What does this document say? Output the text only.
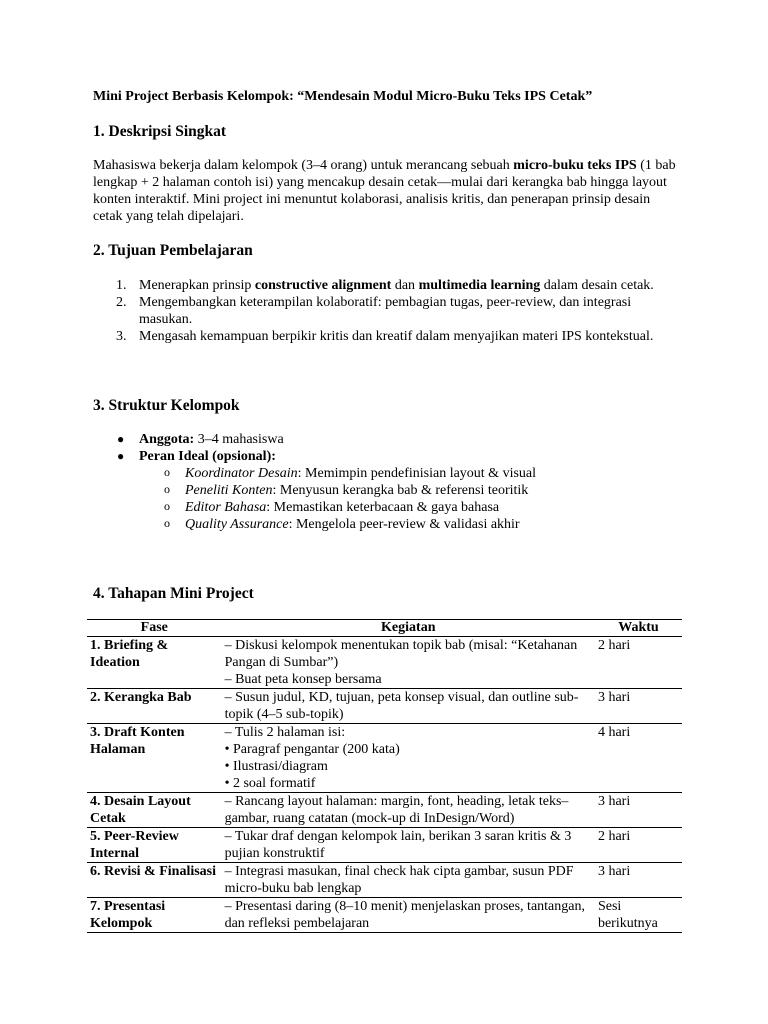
Mini Project Berbasis Kelompok: “Mendesain Modul Micro-Buku Teks IPS Cetak”

1. Deskripsi Singkat

Mahasiswa bekerja dalam kelompok (3–4 orang) untuk merancang sebuah micro-buku teks IPS (1 bab lengkap + 2 halaman contoh isi) yang mencakup desain cetak—mulai dari kerangka bab hingga layout konten interaktif. Mini project ini menuntut kolaborasi, analisis kritis, dan penerapan prinsip desain cetak yang telah dipelajari.

2. Tujuan Pembelajaran
1. Menerapkan prinsip constructive alignment dan multimedia learning dalam desain cetak.
2. Mengembangkan keterampilan kolaboratif: pembagian tugas, peer-review, dan integrasi masukan.
3. Mengasah kemampuan berpikir kritis dan kreatif dalam menyajikan materi IPS kontekstual.
3. Struktur Kelompok
● Anggota: 3–4 mahasiswa
● Peran Ideal (opsional):
o Koordinator Desain: Memimpin pendefinisian layout & visual
o Peneliti Konten: Menyusun kerangka bab & referensi teoritik
o Editor Bahasa: Memastikan keterbacaan & gaya bahasa
o Quality Assurance: Mengelola peer-review & validasi akhir
4. Tahapan Mini Project
Fase	Kegiatan	Waktu
1. Briefing & Ideation	– Diskusi kelompok menentukan topik bab (misal: “Ketahanan Pangan di Sumbar”)
– Buat peta konsep bersama	2 hari
2. Kerangka Bab	– Susun judul, KD, tujuan, peta konsep visual, dan outline sub-topik (4–5 sub-topik)	3 hari
3. Draft Konten Halaman	– Tulis 2 halaman isi:
• Paragraf pengantar (200 kata)
• Ilustrasi/diagram
• 2 soal formatif	4 hari
4. Desain Layout Cetak	– Rancang layout halaman: margin, font, heading, letak teks–gambar, ruang catatan (mock-up di InDesign/Word)	3 hari
5. Peer-Review Internal	– Tukar draf dengan kelompok lain, berikan 3 saran kritis & 3 pujian konstruktif	2 hari
6. Revisi & Finalisasi	– Integrasi masukan, final check hak cipta gambar, susun PDF micro-buku bab lengkap	3 hari
7. Presentasi Kelompok	– Presentasi daring (8–10 menit) menjelaskan proses, tantangan, dan refleksi pembelajaran	Sesi berikutnya
